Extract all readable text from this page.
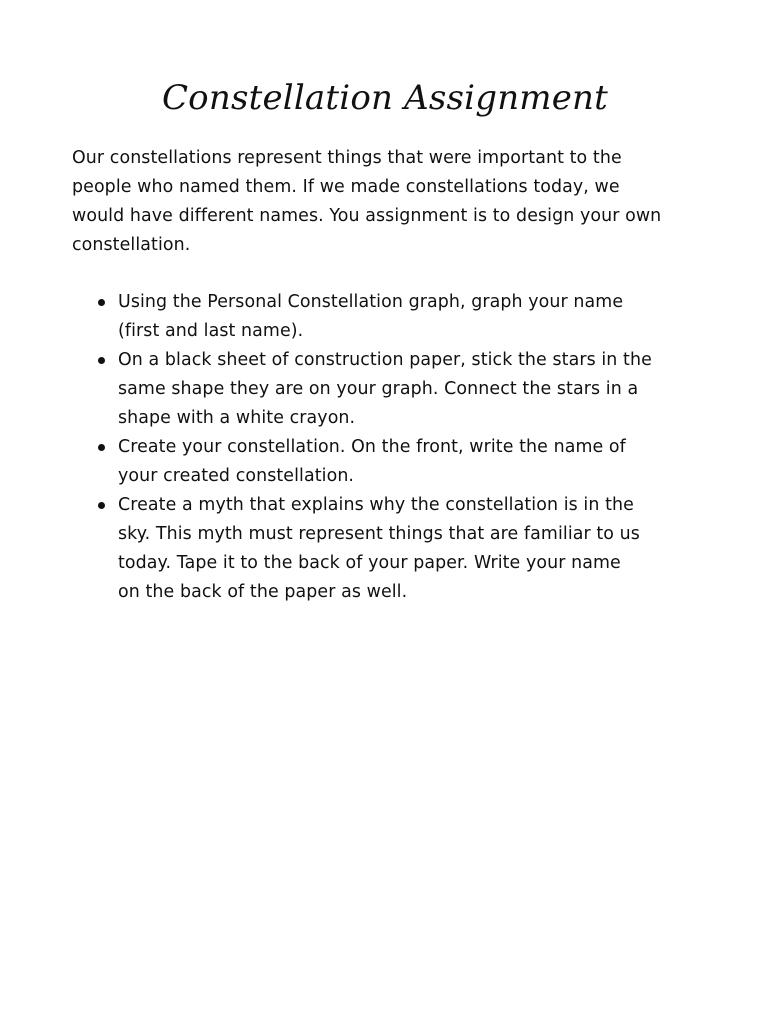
Constellation Assignment

Our constellations represent things that were important to the
people who named them. If we made constellations today, we
would have different names. You assignment is to design your own
constellation.

Using the Personal Constellation graph, graph your name
(first and last name).
On a black sheet of construction paper, stick the stars in the
same shape they are on your graph. Connect the stars in a
shape with a white crayon.
Create your constellation. On the front, write the name of
your created constellation.
Create a myth that explains why the constellation is in the
sky. This myth must represent things that are familiar to us
today. Tape it to the back of your paper. Write your name
on the back of the paper as well.
